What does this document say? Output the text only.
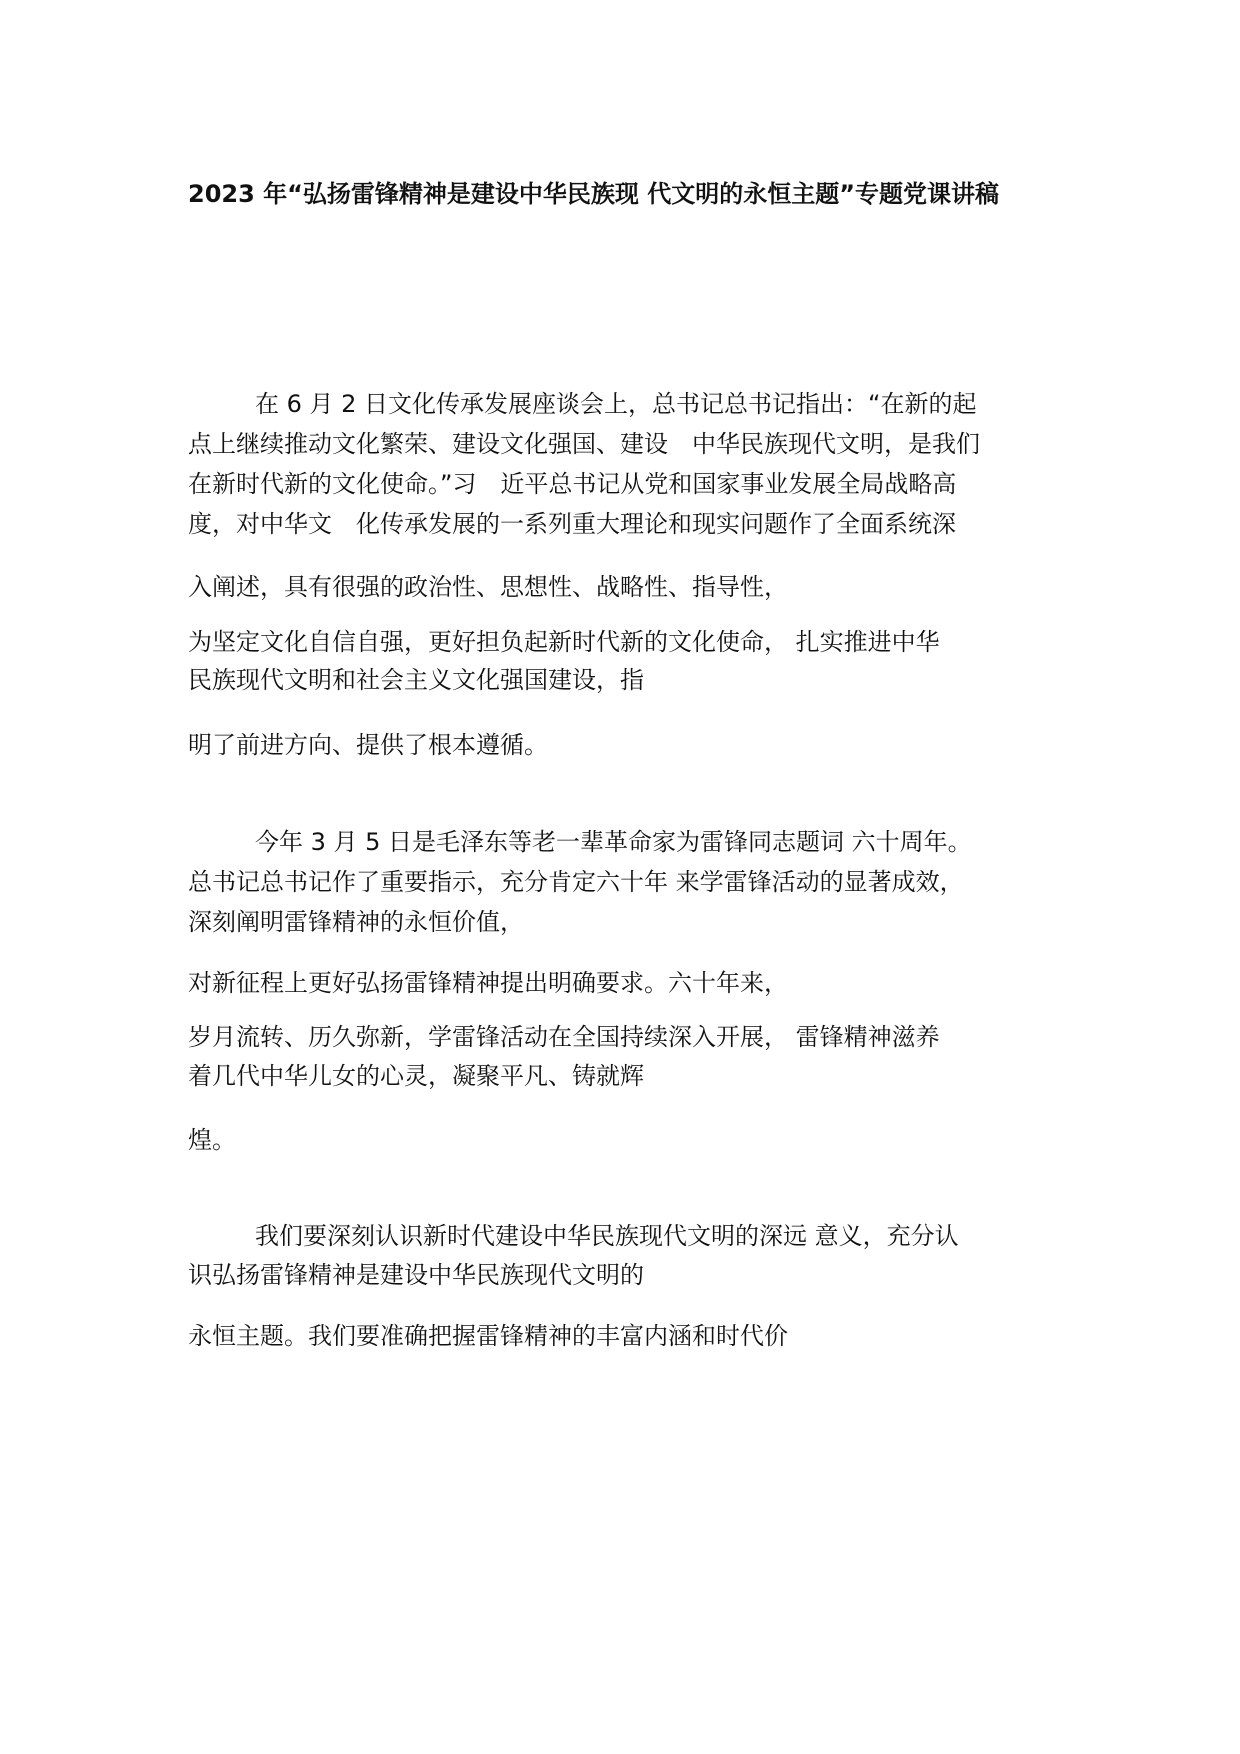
2023 年“弘扬雷锋精神是建设中华民族现 代文明的永恒主题”专题党课讲稿
在 6 月 2 日文化传承发展座谈会上，总书记总书记指出：“在新的起
点上继续推动文化繁荣、建设文化强国、建设　中华民族现代文明，是我们
在新时代新的文化使命。”习　近平总书记从党和国家事业发展全局战略高
度，对中华文　化传承发展的一系列重大理论和现实问题作了全面系统深
入阐述，具有很强的政治性、思想性、战略性、指导性，
为坚定文化自信自强，更好担负起新时代新的文化使命， 扎实推进中华
民族现代文明和社会主义文化强国建设，指
明了前进方向、提供了根本遵循。
今年 3 月 5 日是毛泽东等老一辈革命家为雷锋同志题词 六十周年。
总书记总书记作了重要指示，充分肯定六十年 来学雷锋活动的显著成效，
深刻阐明雷锋精神的永恒价值，
对新征程上更好弘扬雷锋精神提出明确要求。六十年来，
岁月流转、历久弥新，学雷锋活动在全国持续深入开展， 雷锋精神滋养
着几代中华儿女的心灵，凝聚平凡、铸就辉
煌。
我们要深刻认识新时代建设中华民族现代文明的深远 意义，充分认
识弘扬雷锋精神是建设中华民族现代文明的
永恒主题。我们要准确把握雷锋精神的丰富内涵和时代价
